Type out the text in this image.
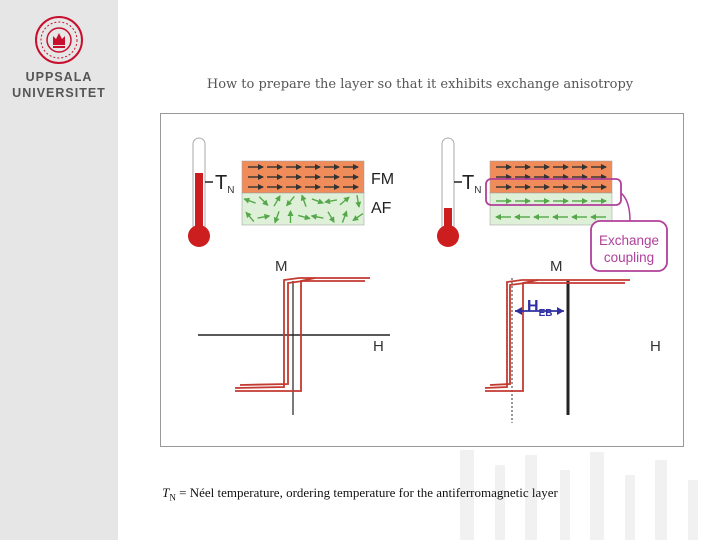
UPPSALA
UNIVERSITET
How to prepare the layer so that it exhibits exchange anisotropy
$T_N$
FM
AF
M
H
$T_N$
Exchange
coupling
M
H
$H_{EB}$
$T_N$ = Néel temperature, ordering temperature for the antiferromagnetic layer
